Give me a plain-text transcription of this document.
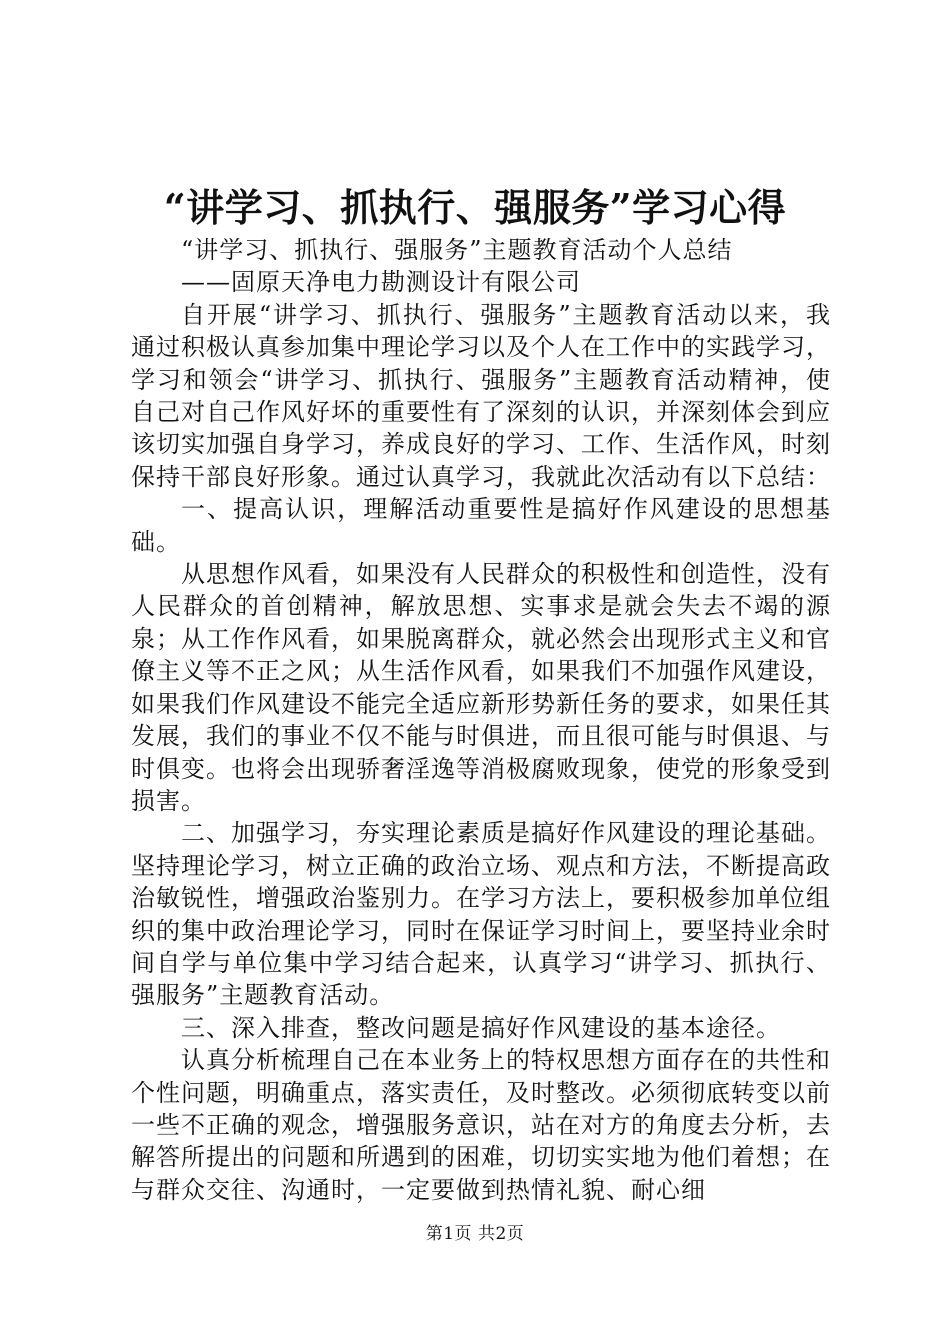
“讲学习、抓执行、强服务”学习心得

“讲学习、抓执行、强服务”主题教育活动个人总结

——固原天净电力勘测设计有限公司

自开展“讲学习、抓执行、强服务”主题教育活动以来，我通过积极认真参加集中理论学习以及个人在工作中的实践学习，学习和领会“讲学习、抓执行、强服务”主题教育活动精神，使自己对自己作风好坏的重要性有了深刻的认识，并深刻体会到应该切实加强自身学习，养成良好的学习、工作、生活作风，时刻保持干部良好形象。通过认真学习，我就此次活动有以下总结：

一、提高认识，理解活动重要性是搞好作风建设的思想基础。

从思想作风看，如果没有人民群众的积极性和创造性，没有人民群众的首创精神，解放思想、实事求是就会失去不竭的源泉；从工作作风看，如果脱离群众，就必然会出现形式主义和官僚主义等不正之风；从生活作风看，如果我们不加强作风建设，如果我们作风建设不能完全适应新形势新任务的要求，如果任其发展，我们的事业不仅不能与时俱进，而且很可能与时俱退、与时俱变。也将会出现骄奢淫逸等消极腐败现象，使党的形象受到损害。

二、加强学习，夯实理论素质是搞好作风建设的理论基础。坚持理论学习，树立正确的政治立场、观点和方法，不断提高政治敏锐性，增强政治鉴别力。在学习方法上，要积极参加单位组织的集中政治理论学习，同时在保证学习时间上，要坚持业余时间自学与单位集中学习结合起来，认真学习“讲学习、抓执行、强服务”主题教育活动。

三、深入排查，整改问题是搞好作风建设的基本途径。

认真分析梳理自己在本业务上的特权思想方面存在的共性和个性问题，明确重点，落实责任，及时整改。必须彻底转变以前一些不正确的观念，增强服务意识，站在对方的角度去分析，去解答所提出的问题和所遇到的困难，切切实实地为他们着想；在与群众交往、沟通时，一定要做到热情礼貌、耐心细

第1页 共2页
